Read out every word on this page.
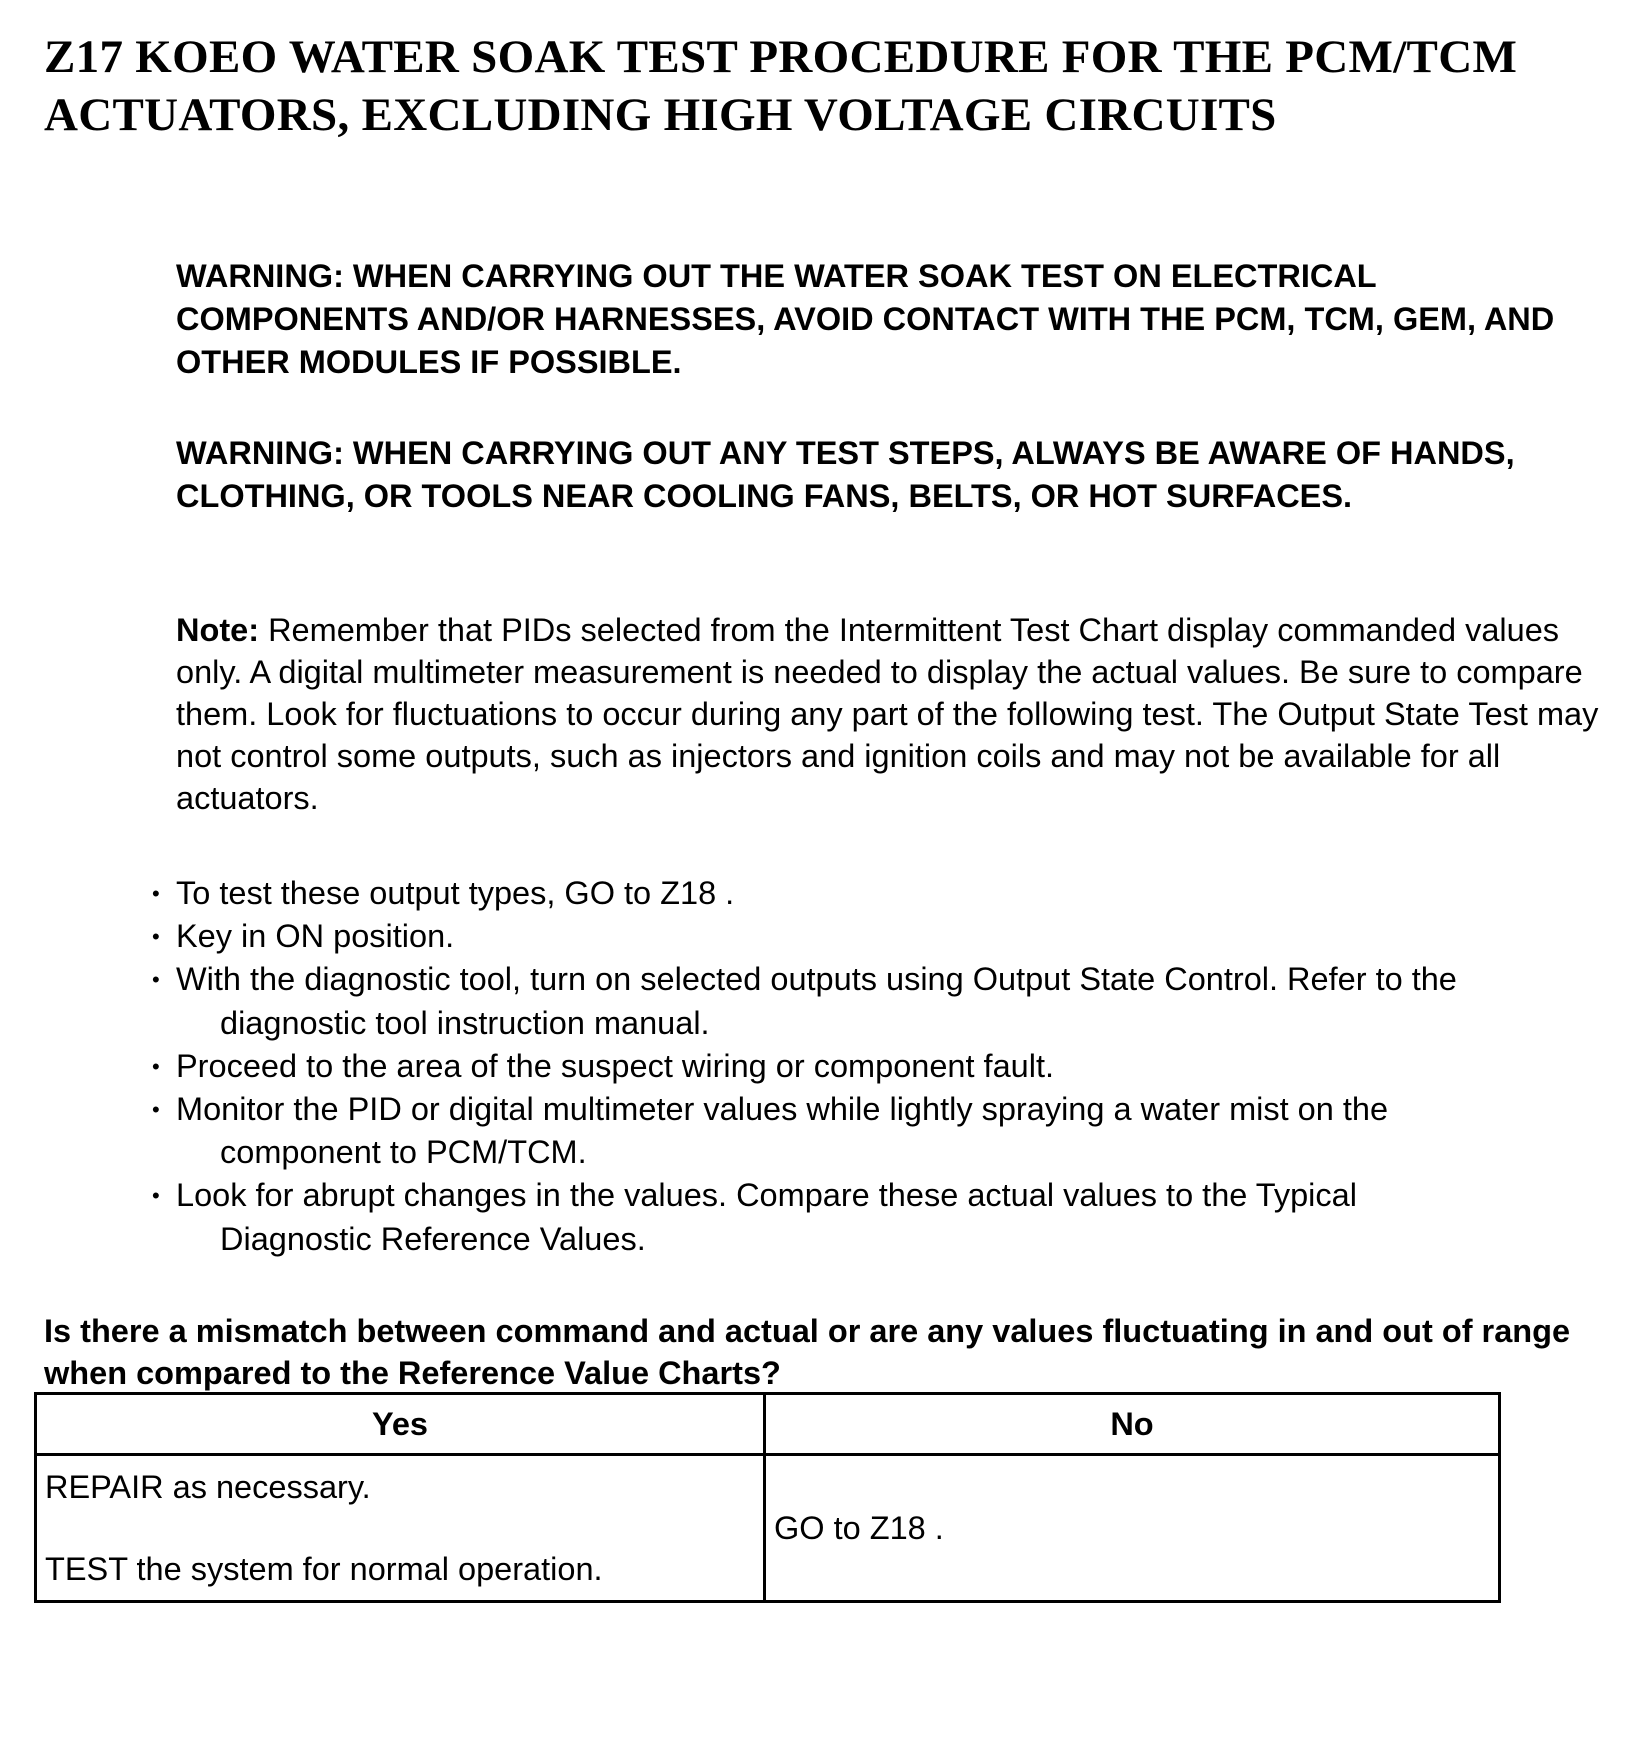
Z17 KOEO WATER SOAK TEST PROCEDURE FOR THE PCM/TCM ACTUATORS, EXCLUDING HIGH VOLTAGE CIRCUITS

WARNING: WHEN CARRYING OUT THE WATER SOAK TEST ON ELECTRICAL COMPONENTS AND/OR HARNESSES, AVOID CONTACT WITH THE PCM, TCM, GEM, AND OTHER MODULES IF POSSIBLE.

WARNING: WHEN CARRYING OUT ANY TEST STEPS, ALWAYS BE AWARE OF HANDS, CLOTHING, OR TOOLS NEAR COOLING FANS, BELTS, OR HOT SURFACES.

Note: Remember that PIDs selected from the Intermittent Test Chart display commanded values only. A digital multimeter measurement is needed to display the actual values. Be sure to compare them. Look for fluctuations to occur during any part of the following test. The Output State Test may not control some outputs, such as injectors and ignition coils and may not be available for all actuators.

• To test these output types, GO to Z18 .
• Key in ON position.
• With the diagnostic tool, turn on selected outputs using Output State Control. Refer to the
diagnostic tool instruction manual.
• Proceed to the area of the suspect wiring or component fault.
• Monitor the PID or digital multimeter values while lightly spraying a water mist on the
component to PCM/TCM.
• Look for abrupt changes in the values. Compare these actual values to the Typical
Diagnostic Reference Values.

Is there a mismatch between command and actual or are any values fluctuating in and out of range when compared to the Reference Value Charts?

Yes	No

REPAIR as necessary.
TEST the system for normal operation.	GO to Z18 .
